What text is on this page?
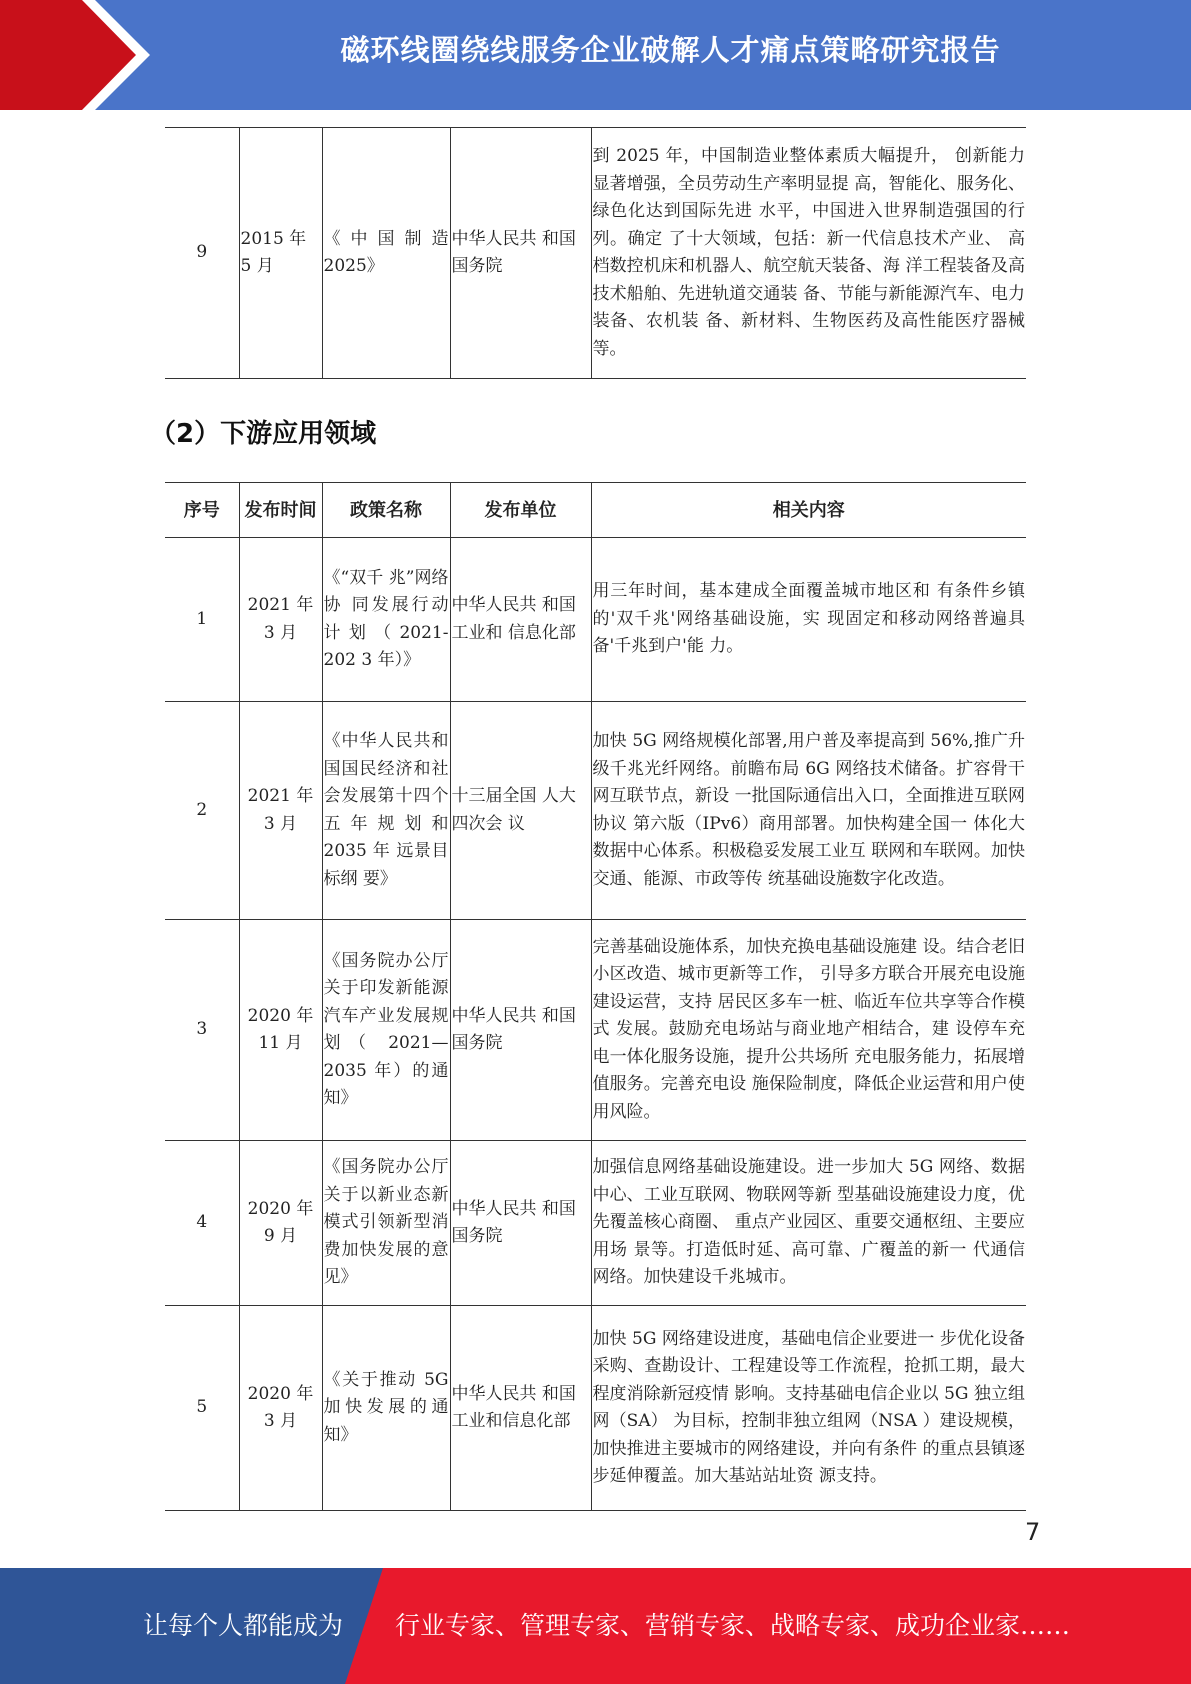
磁环线圈绕线服务企业破解人才痛点策略研究报告
9	2015 年 5 月	《中国制造 2025》	中华人民共 和国国务院	到 2025 年，中国制造业整体素质大幅提升， 创新能力显著增强，全员劳动生产率明显提 高，智能化、服务化、绿色化达到国际先进 水平，中国进入世界制造强国的行列。确定 了十大领域，包括：新一代信息技术产业、 高档数控机床和机器人、航空航天装备、海 洋工程装备及高技术船舶、先进轨道交通装 备、节能与新能源汽车、电力装备、农机装 备、新材料、生物医药及高性能医疗器械等。
（2）下游应用领域
序号	发布时间	政策名称	发布单位	相关内容
1	2021 年 3 月	《“双千 兆”网络协 同发展行动 计划（2021-202 3 年）》	中华人民共 和国工业和 信息化部	用三年时间，基本建成全面覆盖城市地区和 有条件乡镇的'双千兆'网络基础设施，实 现固定和移动网络普遍具备'千兆到户'能 力。
2	2021 年 3 月	《中华人民共和国国民经济和社会发展第十四个五年规划和 2035 年 远景目标纲 要》	十三届全国 人大四次会 议	加快 5G 网络规模化部署,用户普及率提高到 56%,推广升级千兆光纤网络。前瞻布局 6G 网络技术储备。扩容骨干网互联节点，新设 一批国际通信出入口，全面推进互联网协议 第六版（IPv6）商用部署。加快构建全国一 体化大数据中心体系。积极稳妥发展工业互 联网和车联网。加快交通、能源、市政等传 统基础设施数字化改造。
3	2020 年 11 月	《国务院办公厅关于印发新能源汽车产业发展规划（ 2021—2035 年）的通知》	中华人民共 和国国务院	完善基础设施体系，加快充换电基础设施建 设。结合老旧小区改造、城市更新等工作， 引导多方联合开展充电设施建设运营，支持 居民区多车一桩、临近车位共享等合作模式 发展。鼓励充电场站与商业地产相结合，建 设停车充电一体化服务设施，提升公共场所 充电服务能力，拓展增值服务。完善充电设 施保险制度，降低企业运营和用户使用风险。
4	2020 年 9 月	《国务院办公厅关于以新业态新模式引领新型消费加快发展的意见》	中华人民共 和国国务院	加强信息网络基础设施建设。进一步加大 5G 网络、数据中心、工业互联网、物联网等新 型基础设施建设力度，优先覆盖核心商圈、 重点产业园区、重要交通枢纽、主要应用场 景等。打造低时延、高可靠、广覆盖的新一 代通信网络。加快建设千兆城市。
5	2020 年 3 月	《关于推动 5G 加快发展的通知》	中华人民共 和国工业和信息化部	加快 5G 网络建设进度，基础电信企业要进一 步优化设备采购、查勘设计、工程建设等工作流程，抢抓工期，最大程度消除新冠疫情 影响。支持基础电信企业以 5G 独立组网（SA） 为目标，控制非独立组网（NSA ）建设规模， 加快推进主要城市的网络建设，并向有条件 的重点县镇逐步延伸覆盖。加大基站站址资 源支持。
7
让每个人都能成为 行业专家、管理专家、营销专家、战略专家、成功企业家……
